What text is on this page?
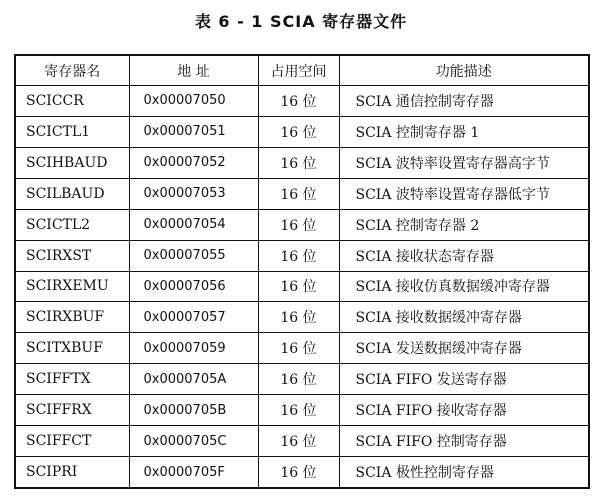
表 6 - 1 SCIA 寄存器文件
寄存器名	地 址	占用空间	功能描述
SCICCR	0x00007050	16 位	SCIA 通信控制寄存器
SCICTL1	0x00007051	16 位	SCIA 控制寄存器 1
SCIHBAUD	0x00007052	16 位	SCIA 波特率设置寄存器高字节
SCILBAUD	0x00007053	16 位	SCIA 波特率设置寄存器低字节
SCICTL2	0x00007054	16 位	SCIA 控制寄存器 2
SCIRXST	0x00007055	16 位	SCIA 接收状态寄存器
SCIRXEMU	0x00007056	16 位	SCIA 接收仿真数据缓冲寄存器
SCIRXBUF	0x00007057	16 位	SCIA 接收数据缓冲寄存器
SCITXBUF	0x00007059	16 位	SCIA 发送数据缓冲寄存器
SCIFFTX	0x0000705A	16 位	SCIA FIFO 发送寄存器
SCIFFRX	0x0000705B	16 位	SCIA FIFO 接收寄存器
SCIFFCT	0x0000705C	16 位	SCIA FIFO 控制寄存器
SCIPRI	0x0000705F	16 位	SCIA 极性控制寄存器
